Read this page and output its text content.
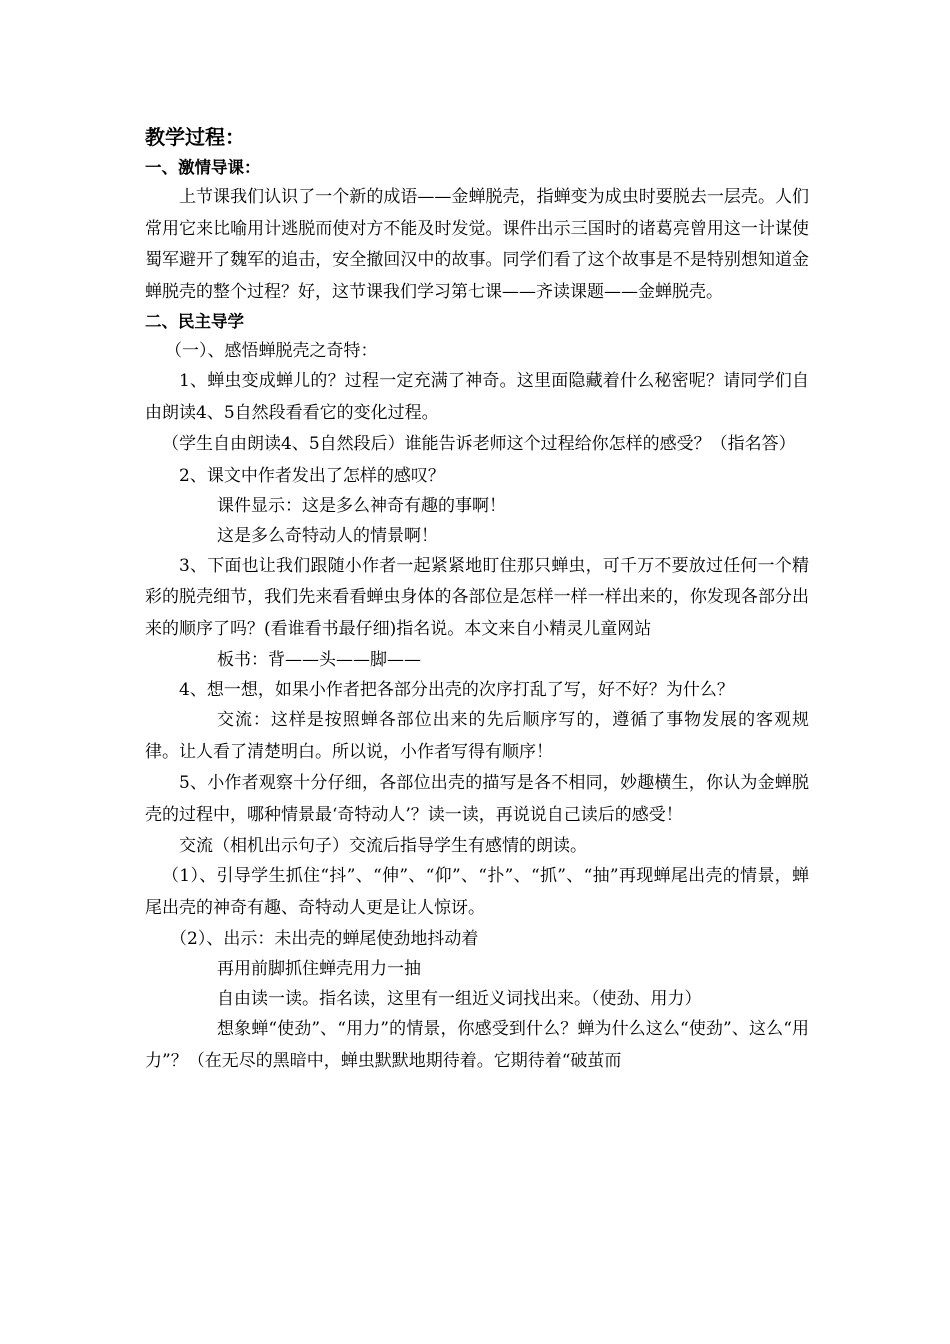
教学过程：

一、激情导课：

上节课我们认识了一个新的成语——金蝉脱壳，指蝉变为成虫时要脱去一层壳。人们常用它来比喻用计逃脱而使对方不能及时发觉。课件出示三国时的诸葛亮曾用这一计谋使蜀军避开了魏军的追击，安全撤回汉中的故事。同学们看了这个故事是不是特别想知道金蝉脱壳的整个过程？好，这节课我们学习第七课——齐读课题——金蝉脱壳。

二、民主导学

（一）、感悟蝉脱壳之奇特：

1、蝉虫变成蝉儿的？过程一定充满了神奇。这里面隐藏着什么秘密呢？请同学们自由朗读4、5自然段看看它的变化过程。

（学生自由朗读4、5自然段后）谁能告诉老师这个过程给你怎样的感受？（指名答）

2、课文中作者发出了怎样的感叹？

课件显示：这是多么神奇有趣的事啊！

这是多么奇特动人的情景啊！

3、下面也让我们跟随小作者一起紧紧地盯住那只蝉虫，可千万不要放过任何一个精彩的脱壳细节，我们先来看看蝉虫身体的各部位是怎样一样一样出来的，你发现各部分出来的顺序了吗？(看谁看书最仔细)指名说。本文来自小精灵儿童网站

板书：背——头——脚——

4、想一想，如果小作者把各部分出壳的次序打乱了写，好不好？为什么？

交流：这样是按照蝉各部位出来的先后顺序写的，遵循了事物发展的客观规律。让人看了清楚明白。所以说，小作者写得有顺序！

5、小作者观察十分仔细，各部位出壳的描写是各不相同，妙趣横生，你认为金蝉脱壳的过程中，哪种情景最‘奇特动人’？读一读，再说说自己读后的感受！

交流（相机出示句子）交流后指导学生有感情的朗读。

（1）、引导学生抓住“抖”、“伸”、“仰”、“扑”、“抓”、“抽”再现蝉尾出壳的情景，蝉尾出壳的神奇有趣、奇特动人更是让人惊讶。

（2）、出示：未出壳的蝉尾使劲地抖动着

再用前脚抓住蝉壳用力一抽

自由读一读。指名读，这里有一组近义词找出来。（使劲、用力）

想象蝉“使劲”、“用力”的情景，你感受到什么？蝉为什么这么“使劲”、这么“用力”？（在无尽的黑暗中，蝉虫默默地期待着。它期待着“破茧而
